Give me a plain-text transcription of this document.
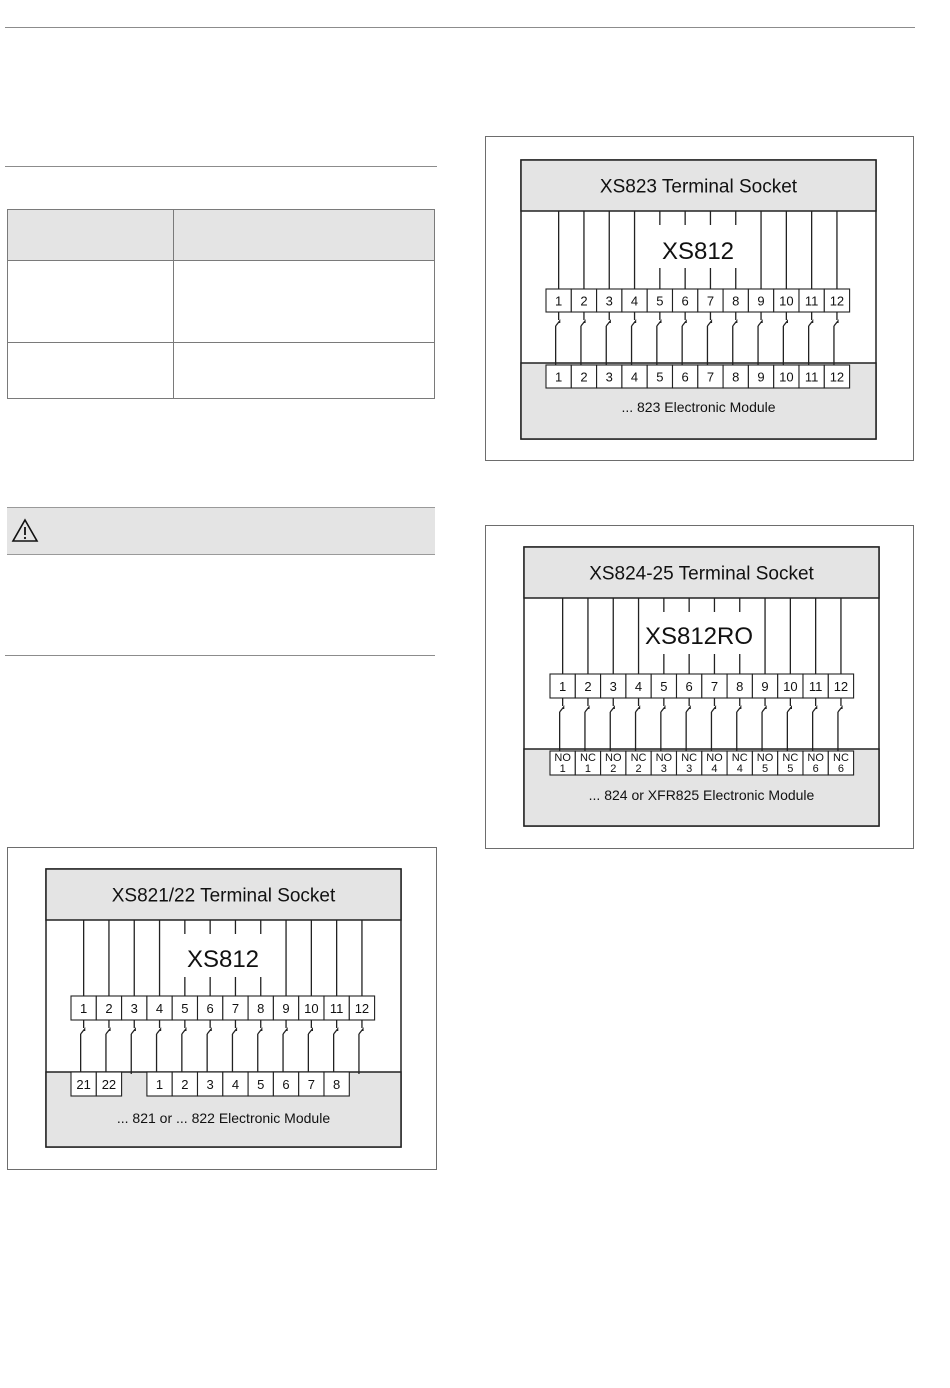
XS823 Terminal Socket
... 823 Electronic Module
XS812
1 2 3 4 5 6 7 8 9 10 11 12
1 2 3 4 5 6 7 8 9 10 11 12
XS824-25 Terminal Socket
... 824 or XFR825 Electronic Module
XS812RO
1 2 3 4 5 6 7 8 9 10 11 12
NO
1
NC
1
NO
2
NC
2
NO
3
NC
3
NO
4
NC
4
NO
5
NC
5
NO
6
NC
6
XS821/22 Terminal Socket
... 821 or ... 822 Electronic Module
XS812
1 2 3 4 5 6 7 8 9 10 11 12
21 22	1 2 3 4 5 6 7 8
